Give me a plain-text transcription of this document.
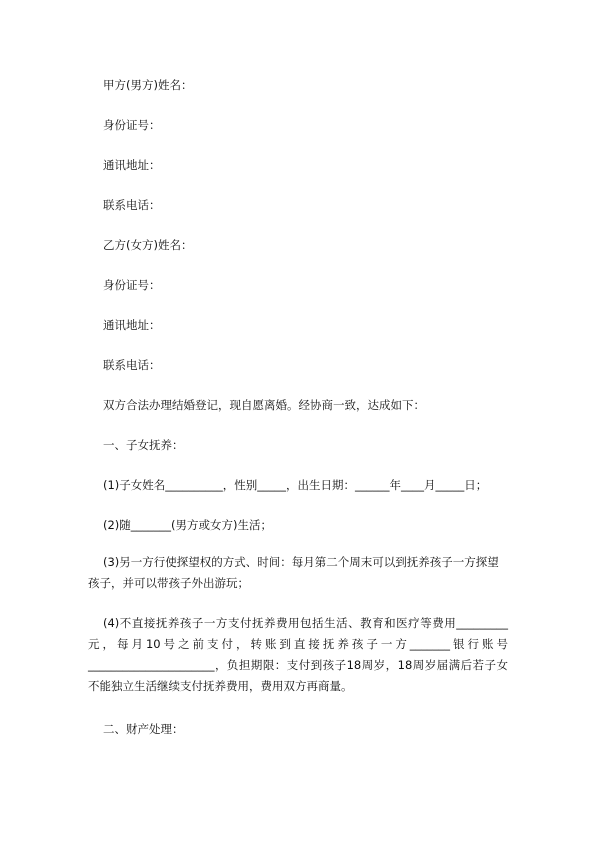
甲方(男方)姓名：
身份证号：
通讯地址：
联系电话：
乙方(女方)姓名：
身份证号：
通讯地址：
联系电话：
双方合法办理结婚登记，现自愿离婚。经协商一致，达成如下：
一、子女抚养：
(1)子女姓名__________，性别_____，出生日期：______年____月_____日；
(2)随_______(男方或女方)生活；

(3)另一方行使探望权的方式、时间：每月第二个周末可以到抚养孩子一方探望孩子，并可以带孩子外出游玩；

(4)不直接抚养孩子一方支付抚养费用包括生活、教育和医疗等费用_________元，每月10号之前支付，转账到直接抚养孩子一方_______银行账号______________________，负担期限：支付到孩子18周岁，18周岁届满后若子女不能独立生活继续支付抚养费用，费用双方再商量。

二、财产处理：
